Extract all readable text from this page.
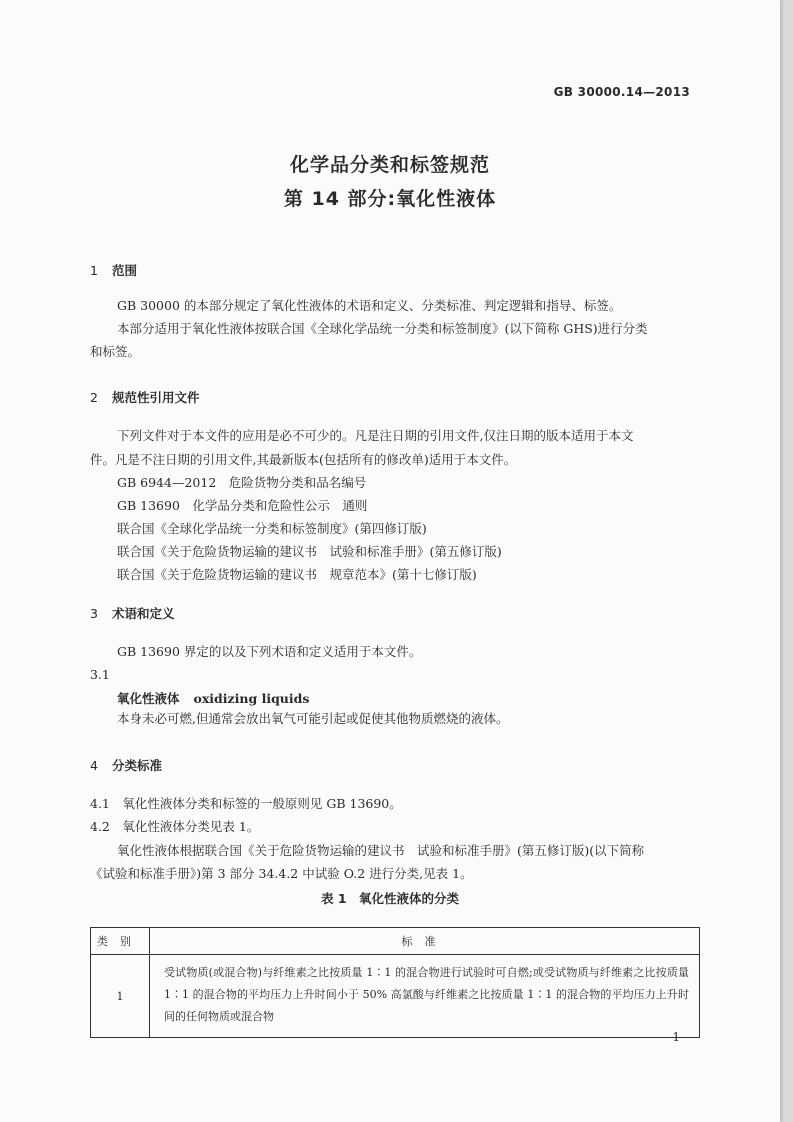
GB 30000.14—2013
化学品分类和标签规范
第 14 部分:氧化性液体
1 范围
GB 30000 的本部分规定了氧化性液体的术语和定义、分类标准、判定逻辑和指导、标签。
本部分适用于氧化性液体按联合国《全球化学品统一分类和标签制度》(以下简称 GHS)进行分类
和标签。
2 规范性引用文件
下列文件对于本文件的应用是必不可少的。凡是注日期的引用文件,仅注日期的版本适用于本文
件。凡是不注日期的引用文件,其最新版本(包括所有的修改单)适用于本文件。
GB 6944—2012　危险货物分类和品名编号
GB 13690　化学品分类和危险性公示　通则
联合国《全球化学品统一分类和标签制度》(第四修订版)
联合国《关于危险货物运输的建议书　试验和标准手册》(第五修订版)
联合国《关于危险货物运输的建议书　规章范本》(第十七修订版)
3 术语和定义
GB 13690 界定的以及下列术语和定义适用于本文件。
3.1
氧化性液体 oxidizing liquids
本身未必可燃,但通常会放出氧气可能引起或促使其他物质燃烧的液体。
4 分类标准
4.1　氧化性液体分类和标签的一般原则见 GB 13690。
4.2　氧化性液体分类见表 1。
氧化性液体根据联合国《关于危险货物运输的建议书　试验和标准手册》(第五修订版)(以下简称
《试验和标准手册》)第 3 部分 34.4.2 中试验 O.2 进行分类,见表 1。
表 1　氧化性液体的分类
类别	标准
1	受试物质(或混合物)与纤维素之比按质量 1∶1 的混合物进行试验时可自燃;或受试物质与纤维素之比按质量 1∶1 的混合物的平均压力上升时间小于 50% 高氯酸与纤维素之比按质量 1∶1 的混合物的平均压力上升时间的任何物质或混合物
1
